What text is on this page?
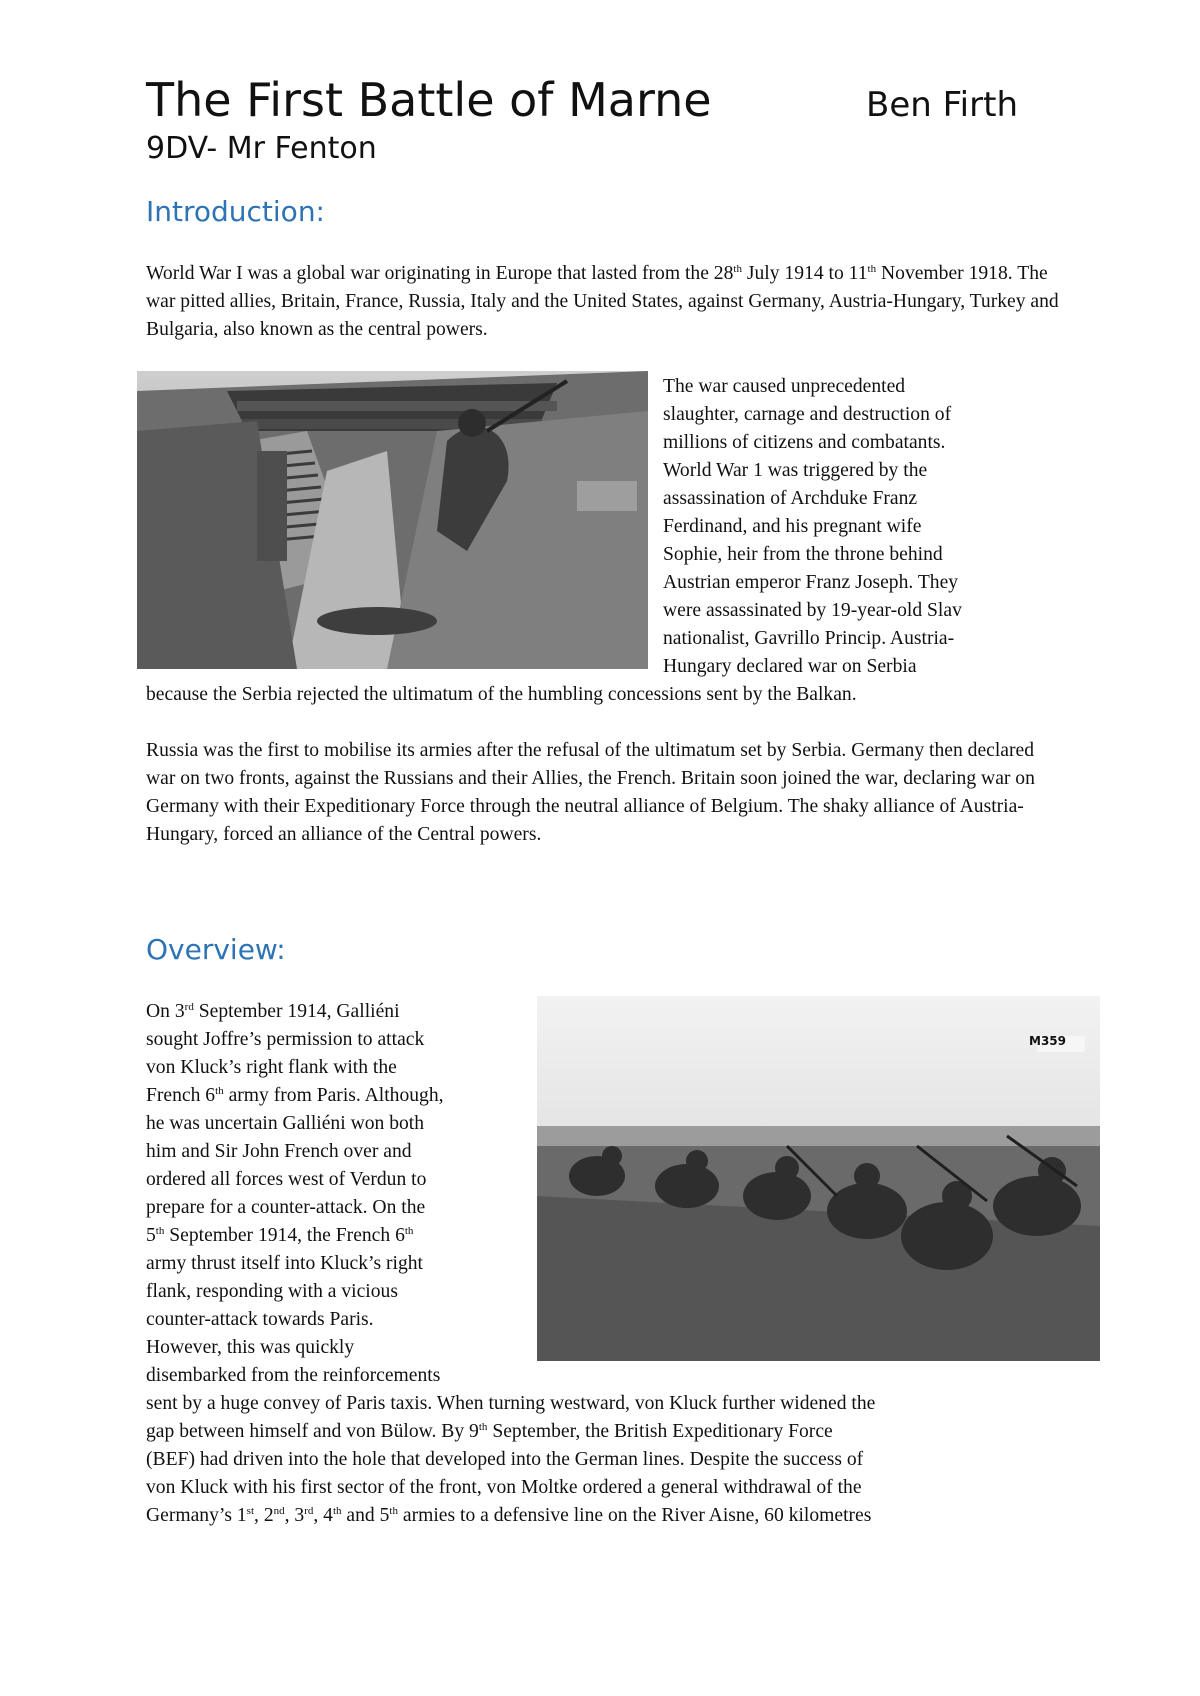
The First Battle of Marne	Ben Firth
9DV- Mr Fenton
Introduction:

World War I was a global war originating in Europe that lasted from the 28th July 1914 to 11th November 1918. The war pitted allies, Britain, France, Russia, Italy and the United States, against Germany, Austria-Hungary, Turkey and Bulgaria, also known as the central powers.

The war caused unprecedented

slaughter, carnage and destruction of

millions of citizens and combatants.

World War 1 was triggered by the

assassination of Archduke Franz

Ferdinand, and his pregnant wife

Sophie, heir from the throne behind

Austrian emperor Franz Joseph. They

were assassinated by 19-year-old Slav

nationalist, Gavrillo Princip. Austria-

Hungary declared war on Serbia

because the Serbia rejected the ultimatum of the humbling concessions sent by the Balkan.

Russia was the first to mobilise its armies after the refusal of the ultimatum set by Serbia. Germany then declared war on two fronts, against the Russians and their Allies, the French. Britain soon joined the war, declaring war on Germany with their Expeditionary Force through the neutral alliance of Belgium. The shaky alliance of Austria-Hungary, forced an alliance of the Central powers.

Overview:
M359

On 3rd September 1914, Galliéni

sought Joffre’s permission to attack

von Kluck’s right flank with the

French 6th army from Paris. Although,

he was uncertain Galliéni won both

him and Sir John French over and

ordered all forces west of Verdun to

prepare for a counter-attack. On the

5th September 1914, the French 6th

army thrust itself into Kluck’s right

flank, responding with a vicious

counter-attack towards Paris.

However, this was quickly

disembarked from the reinforcements

sent by a huge convey of Paris taxis. When turning westward, von Kluck further widened the

gap between himself and von Bülow. By 9th September, the British Expeditionary Force

(BEF) had driven into the hole that developed into the German lines. Despite the success of

von Kluck with his first sector of the front, von Moltke ordered a general withdrawal of the

Germany’s 1st, 2nd, 3rd, 4th and 5th armies to a defensive line on the River Aisne, 60 kilometres
